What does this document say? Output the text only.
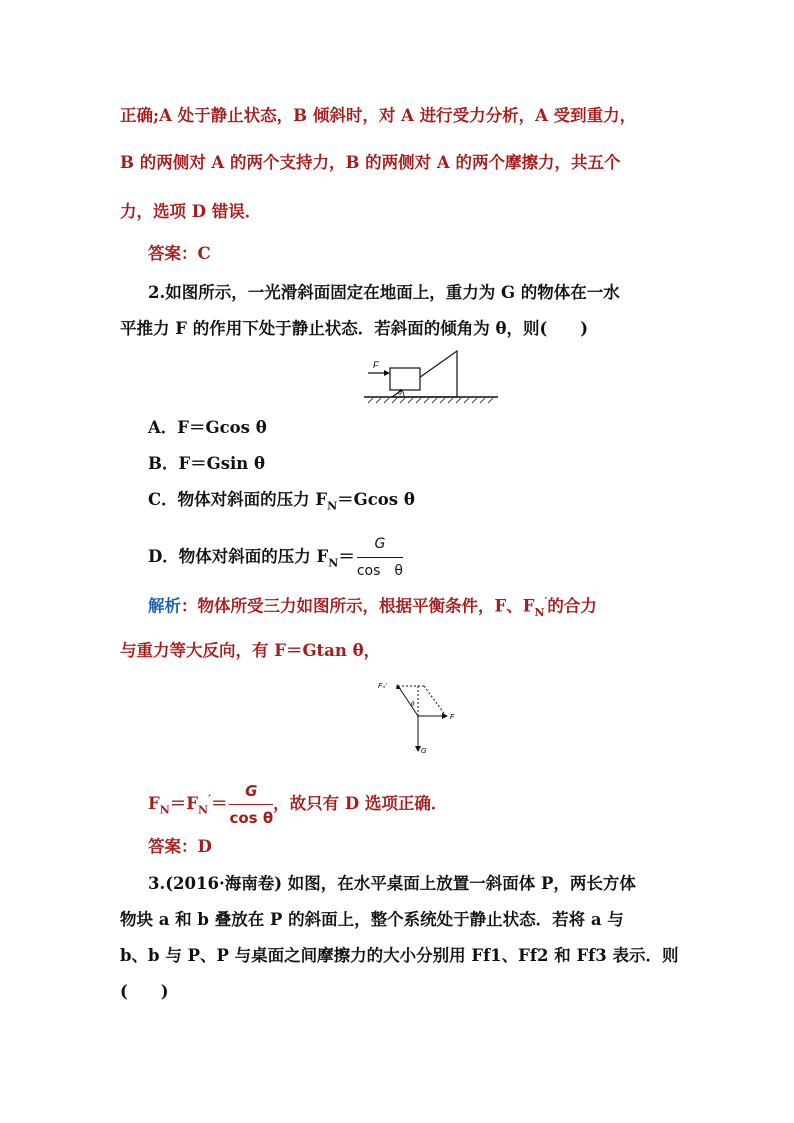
正确;A 处于静止状态，B 倾斜时，对 A 进行受力分析，A 受到重力，
B 的两侧对 A 的两个支持力，B 的两侧对 A 的两个摩擦力，共五个
力，选项 D 错误．
答案：C
2.如图所示，一光滑斜面固定在地面上，重力为 G 的物体在一水
平推力 F 的作用下处于静止状态．若斜面的倾角为 θ，则(　　)
F
θ
A．F＝Gcos θ
B．F＝Gsin θ
C．物体对斜面的压力 $F_N=Gcos$ θ
D．物体对斜面的压力 $F_N= \frac{G}{\text{cos　θ}}$
解析：物体所受三力如图所示，根据平衡条件，F、$F_N'$的合力
与重力等大反向，有 F＝Gtan θ，
Fₙ′
θ
F
G
$F_N=F_N'= \frac{G}{\text{cos θ}}$ ，故只有 D 选项正确．
答案：D
3.(2016·海南卷) 如图，在水平桌面上放置一斜面体 P，两长方体
物块 a 和 b 叠放在 P 的斜面上，整个系统处于静止状态．若将 a 与
b、b 与 P、P 与桌面之间摩擦力的大小分别用 Ff1、Ff2 和 Ff3 表示．则
(　　)
